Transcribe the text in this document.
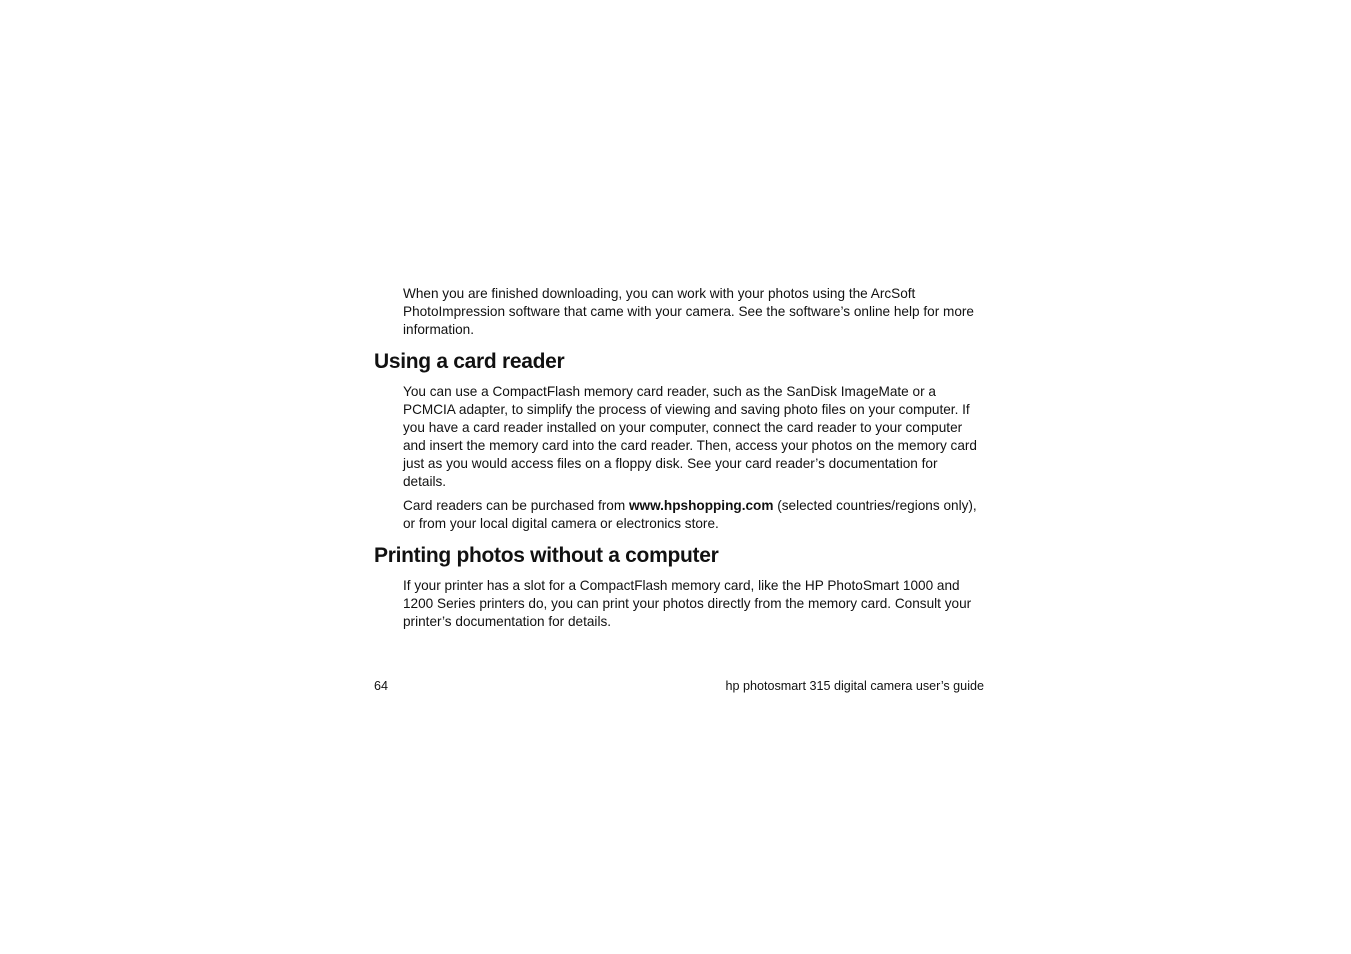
When you are finished downloading, you can work with your photos using the ArcSoft PhotoImpression software that came with your camera. See the software’s online help for more information.

Using a card reader

You can use a CompactFlash memory card reader, such as the SanDisk ImageMate or a PCMCIA adapter, to simplify the process of viewing and saving photo files on your computer. If you have a card reader installed on your computer, connect the card reader to your computer and insert the memory card into the card reader. Then, access your photos on the memory card just as you would access files on a floppy disk. See your card reader’s documentation for details.

Card readers can be purchased from www.hpshopping.com (selected countries/regions only), or from your local digital camera or electronics store.

Printing photos without a computer

If your printer has a slot for a CompactFlash memory card, like the HP PhotoSmart 1000 and 1200 Series printers do, you can print your photos directly from the memory card. Consult your printer’s documentation for details.

64	hp photosmart 315 digital camera user’s guide
